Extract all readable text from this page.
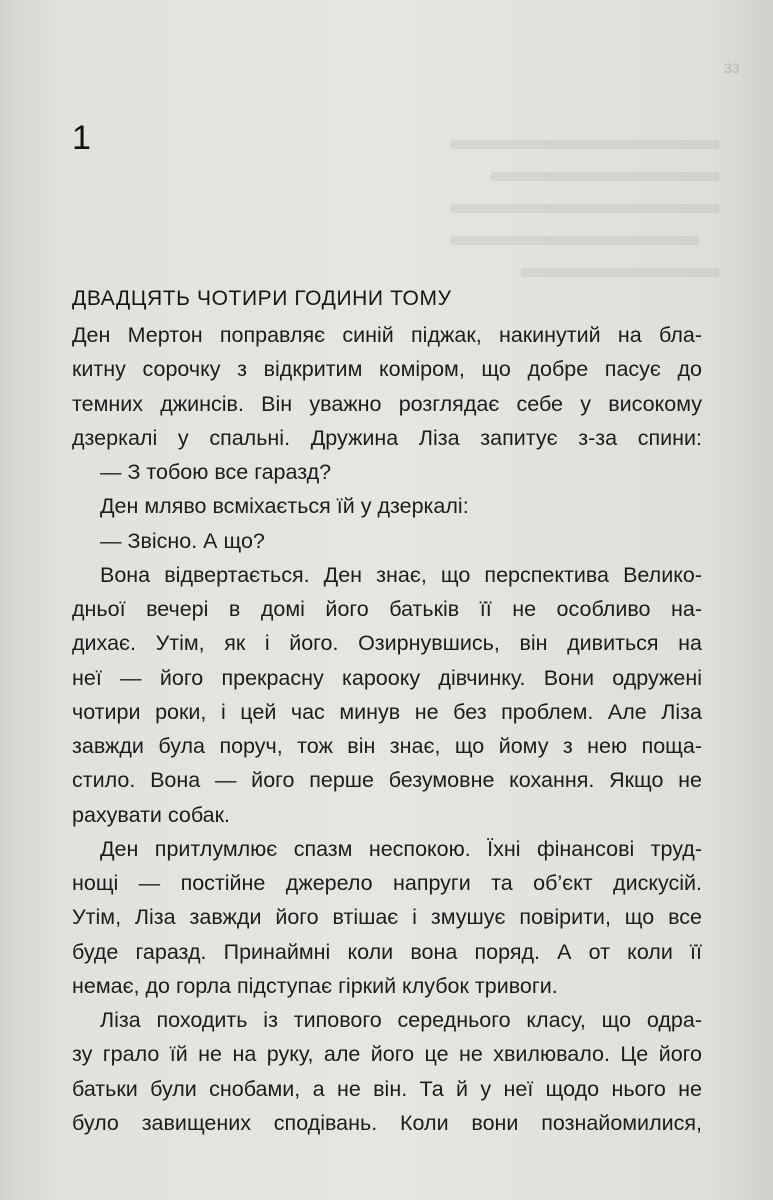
33
1
ДВАДЦЯТЬ ЧОТИРИ ГОДИНИ ТОМУ
Ден Мертон поправляє синій піджак, накинутий на бла-
китну сорочку з відкритим коміром, що добре пасує до
темних джинсів. Він уважно розглядає себе у високому
дзеркалі у спальні. Дружина Ліза запитує з-за спини:
— З тобою все гаразд?
Ден мляво всміхається їй у дзеркалі:
— Звісно. А що?
Вона відвертається. Ден знає, що перспектива Велико-
дньої вечері в домі його батьків її не особливо на-
дихає. Утім, як і його. Озирнувшись, він дивиться на
неї — його прекрасну карооку дівчинку. Вони одружені
чотири роки, і цей час минув не без проблем. Але Ліза
завжди була поруч, тож він знає, що йому з нею поща-
стило. Вона — його перше безумовне кохання. Якщо не
рахувати собак.
Ден притлумлює спазм неспокою. Їхні фінансові труд-
нощі — постійне джерело напруги та об’єкт дискусій.
Утім, Ліза завжди його втішає і змушує повірити, що все
буде гаразд. Принаймні коли вона поряд. А от коли її
немає, до горла підступає гіркий клубок тривоги.
Ліза походить із типового середнього класу, що одра-
зу грало їй не на руку, але його це не хвилювало. Це його
батьки були снобами, а не він. Та й у неї щодо нього не
було завищених сподівань. Коли вони познайомилися,
